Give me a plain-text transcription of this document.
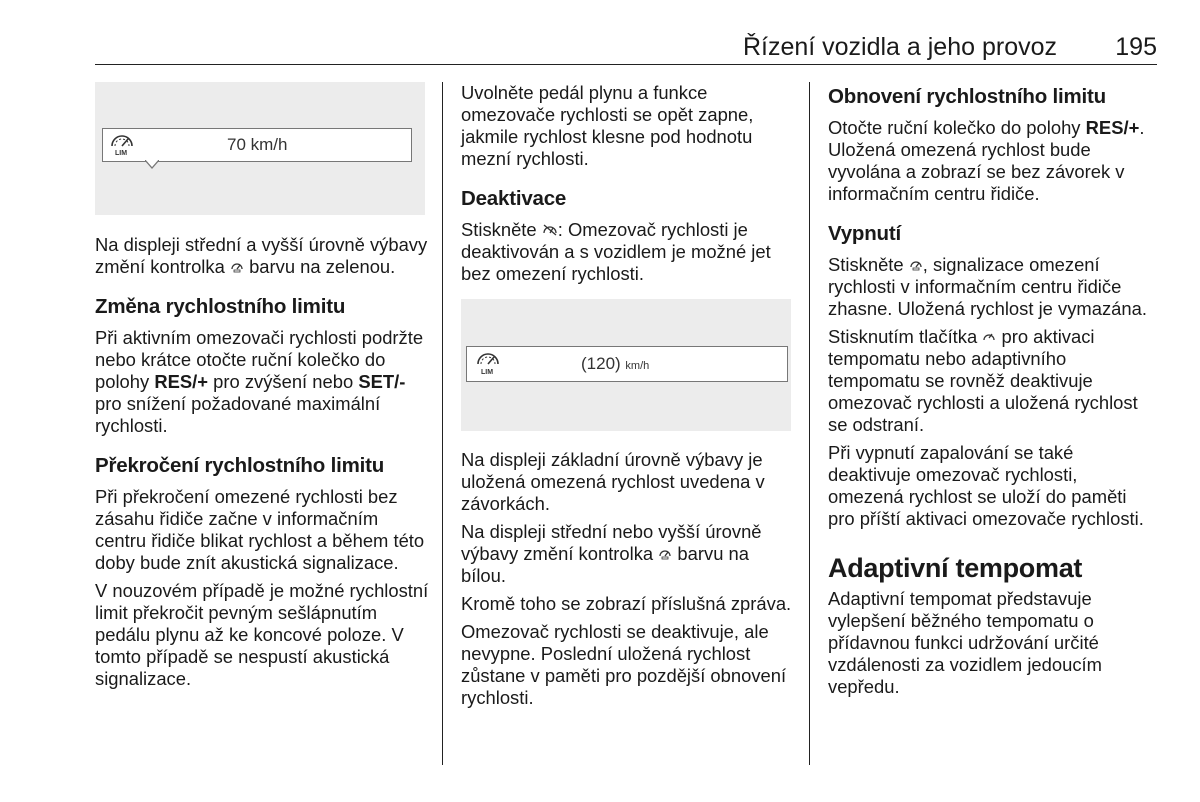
Řízení vozidla a jeho provoz 195
LIM	70 km/h

Na displeji střední a vyšší úrovně výbavy změní kontrolka barvu na zelenou.

Změna rychlostního limitu

Při aktivním omezovači rychlosti podržte nebo krátce otočte ruční kolečko do polohy RES/+ pro zvýšení nebo SET/- pro snížení požadované maximální rychlosti.

Překročení rychlostního limitu

Při překročení omezené rychlosti bez zásahu řidiče začne v informačním centru řidiče blikat rychlost a během této doby bude znít akustická signalizace.

V nouzovém případě je možné rychlostní limit překročit pevným sešlápnutím pedálu plynu až ke koncové poloze. V tomto případě se nespustí akustická signalizace.

Uvolněte pedál plynu a funkce omezovače rychlosti se opět zapne, jakmile rychlost klesne pod hodnotu mezní rychlosti.

Deaktivace

Stiskněte : Omezovač rychlosti je deaktivován a s vozidlem je možné jet bez omezení rychlosti.

LIM	(120) km/h

Na displeji základní úrovně výbavy je uložená omezená rychlost uvedena v závorkách.

Na displeji střední nebo vyšší úrovně výbavy změní kontrolka barvu na bílou.

Kromě toho se zobrazí příslušná zpráva.

Omezovač rychlosti se deaktivuje, ale nevypne. Poslední uložená rychlost zůstane v paměti pro pozdější obnovení rychlosti.

Obnovení rychlostního limitu

Otočte ruční kolečko do polohy RES/+. Uložená omezená rychlost bude vyvolána a zobrazí se bez závorek v informačním centru řidiče.

Vypnutí

Stiskněte , signalizace omezení rychlosti v informačním centru řidiče zhasne. Uložená rychlost je vymazána.

Stisknutím tlačítka pro aktivaci tempomatu nebo adaptivního tempomatu se rovněž deaktivuje omezovač rychlosti a uložená rychlost se odstraní.

Při vypnutí zapalování se také deaktivuje omezovač rychlosti, omezená rychlost se uloží do paměti pro příští aktivaci omezovače rychlosti.

Adaptivní tempomat

Adaptivní tempomat představuje vylepšení běžného tempomatu o přídavnou funkci udržování určité vzdálenosti za vozidlem jedoucím vepředu.
